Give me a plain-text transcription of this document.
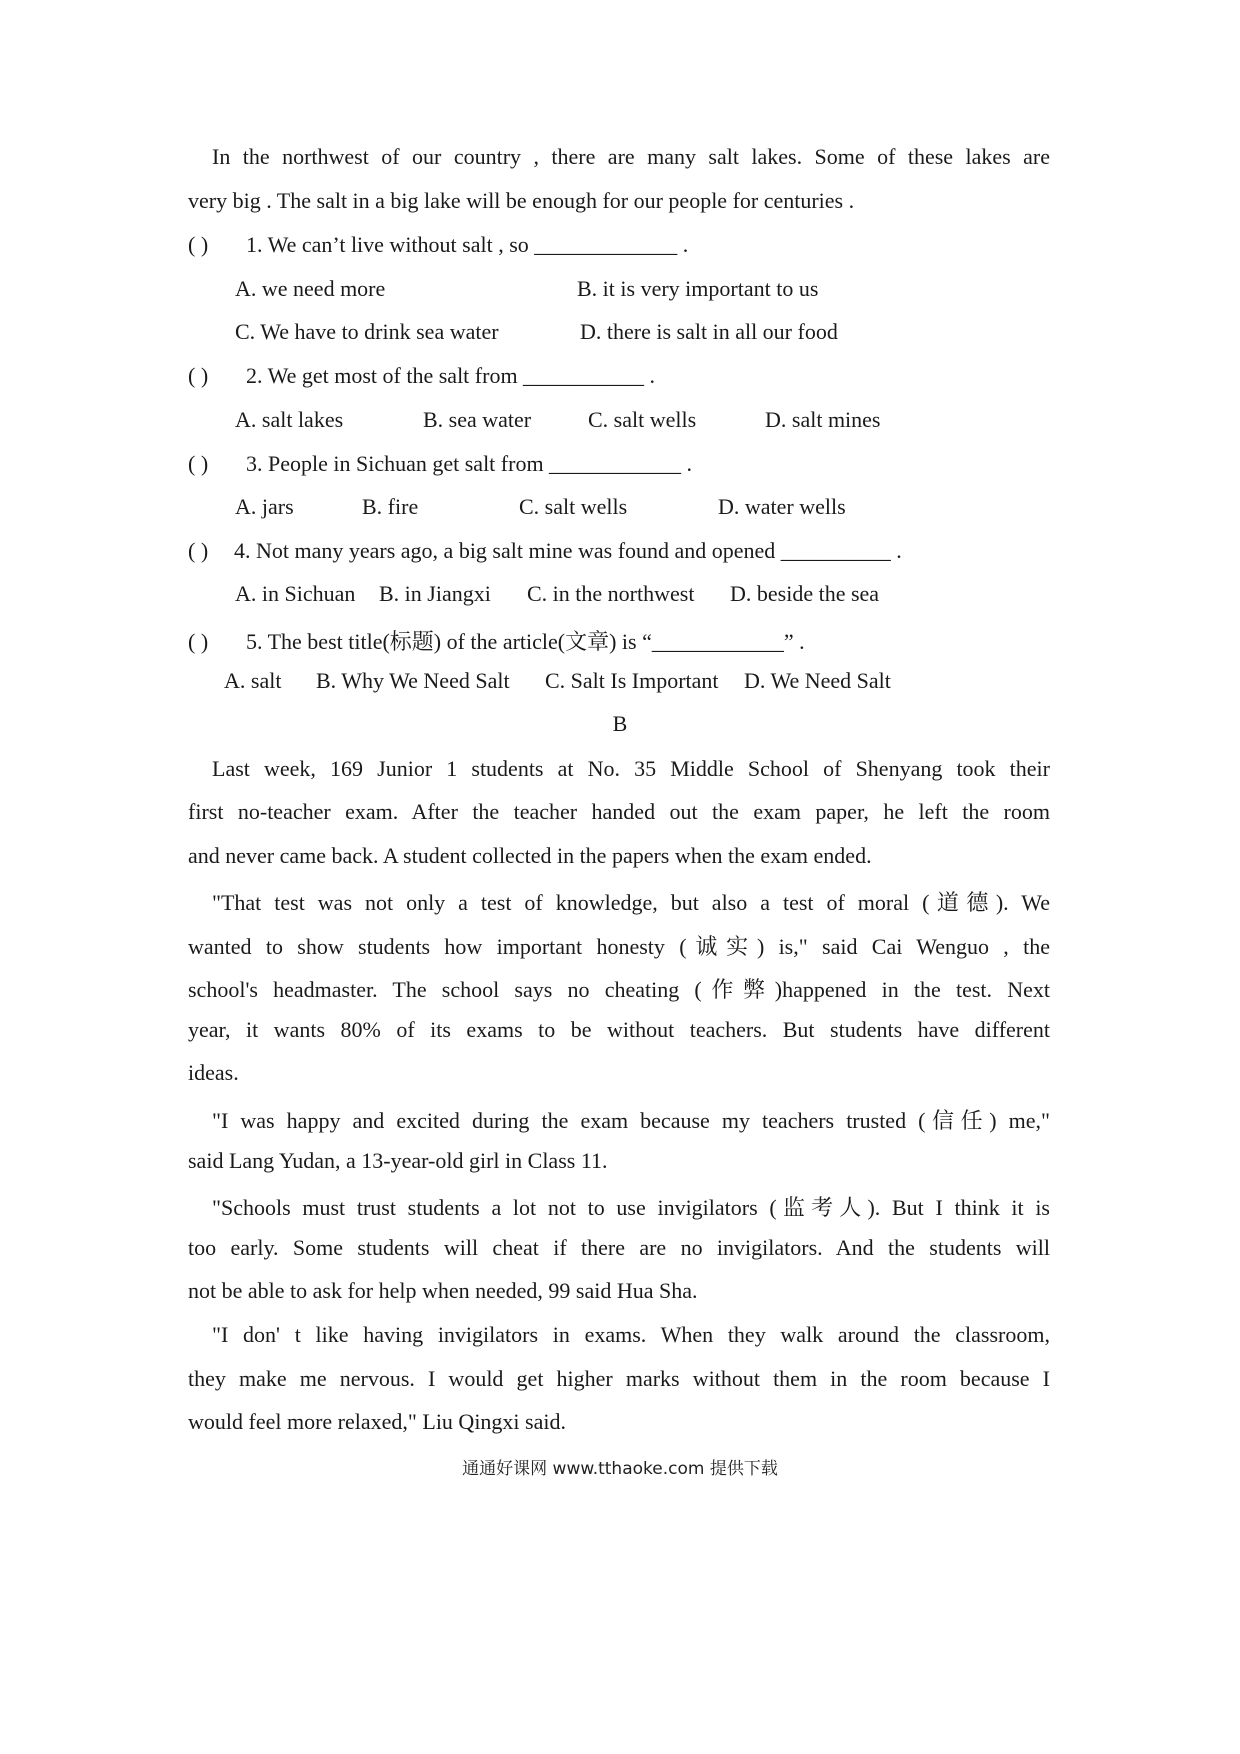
In the northwest of our country , there are many salt lakes. Some of these lakes are
very big . The salt in a big lake will be enough for our people for centuries .
( ) 1. We can’t live without salt , so _____________ .
A. we need more	B. it is very important to us
C. We have to drink sea water	D. there is salt in all our food
( ) 2. We get most of the salt from ___________ .
A. salt lakes	B. sea water	C. salt wells	D. salt mines
( ) 3. People in Sichuan get salt from ____________ .
A. jars	B. fire	C. salt wells	D. water wells
( ) 4. Not many years ago, a big salt mine was found and opened __________ .
A. in Sichuan B. in Jiangxi C. in the northwest D. beside the sea
( ) 5. The best title(标题) of the article(文章) is “____________” .
A. salt B. Why We Need Salt C. Salt Is Important D. We Need Salt
B
Last week, 169 Junior 1 students at No. 35 Middle School of Shenyang took their
first no-teacher exam. After the teacher handed out the exam paper, he left the room
and never came back. A student collected in the papers when the exam ended.
"That test was not only a test of knowledge, but also a test of moral (道德). We
wanted to show students how important honesty (诚实) is," said Cai Wenguo , the
school's headmaster. The school says no cheating (作弊)happened in the test. Next
year, it wants 80% of its exams to be without teachers. But students have different
ideas.
"I was happy and excited during the exam because my teachers trusted (信任) me,"
said Lang Yudan, a 13-year-old girl in Class 11.
"Schools must trust students a lot not to use invigilators (监考人). But I think it is
too early. Some students will cheat if there are no invigilators. And the students will
not be able to ask for help when needed, 99 said Hua Sha.
"I don' t like having invigilators in exams. When they walk around the classroom,
they make me nervous. I would get higher marks without them in the room because I
would feel more relaxed," Liu Qingxi said.
通通好课网 www.tthaoke.com 提供下载
